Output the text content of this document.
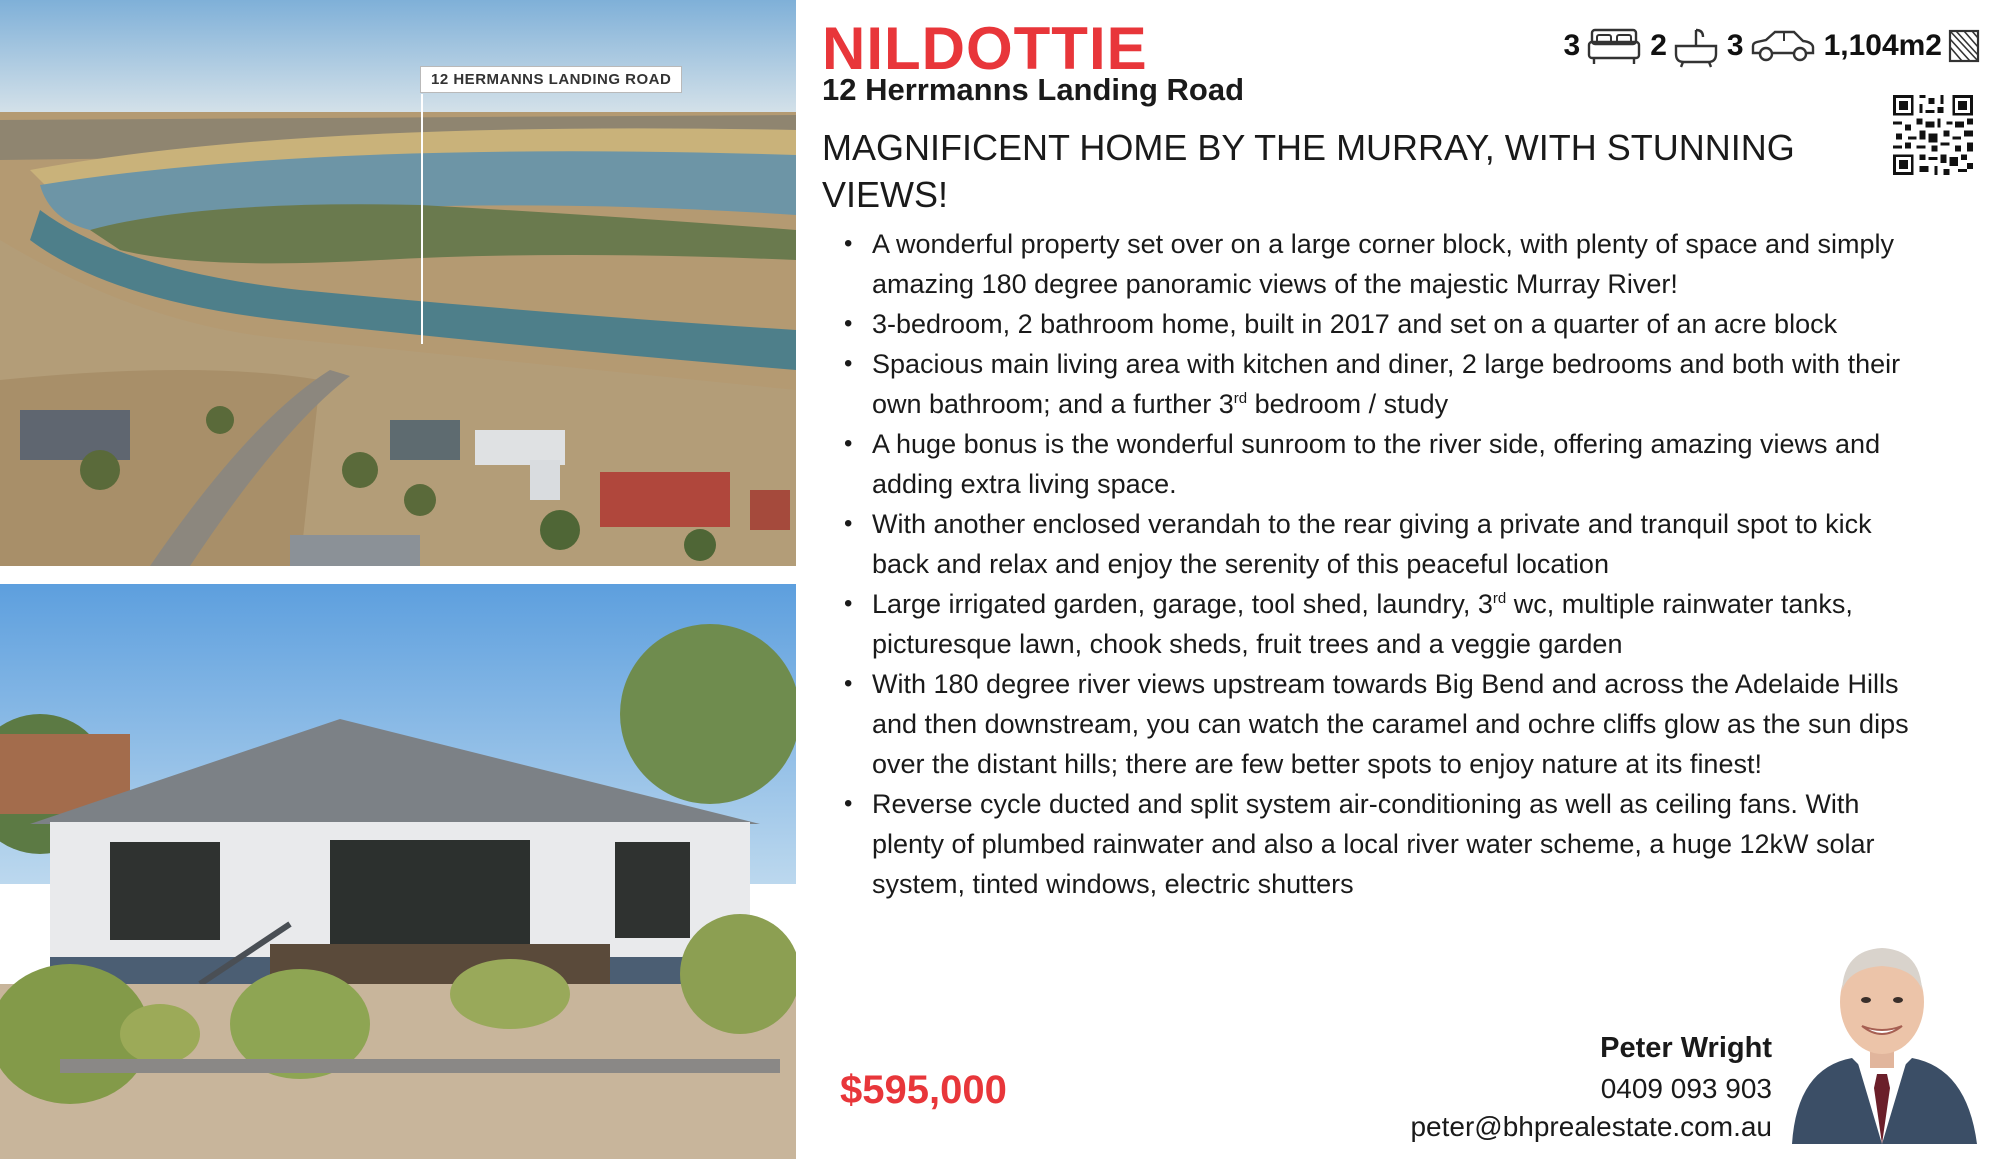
12 HERMANNS LANDING ROAD	NILDOTTIE
12 Herrmanns Landing Road
3 2 3	1,104m2
MAGNIFICENT HOME BY THE MURRAY, WITH STUNNING VIEWS!
• A wonderful property set over on a large corner block, with plenty of space and simply amazing 180 degree panoramic views of the majestic Murray River!
• 3-bedroom, 2 bathroom home, built in 2017 and set on a quarter of an acre block
• Spacious main living area with kitchen and diner, 2 large bedrooms and both with their own bathroom; and a further 3rd bedroom / study
• A huge bonus is the wonderful sunroom to the river side, offering amazing views and adding extra living space.
• With another enclosed verandah to the rear giving a private and tranquil spot to kick back and relax and enjoy the serenity of this peaceful location
• Large irrigated garden, garage, tool shed, laundry, 3rd wc, multiple rainwater tanks, picturesque lawn, chook sheds, fruit trees and a veggie garden
• With 180 degree river views upstream towards Big Bend and across the Adelaide Hills and then downstream, you can watch the caramel and ochre cliffs glow as the sun dips over the distant hills; there are few better spots to enjoy nature at its finest!
• Reverse cycle ducted and split system air-conditioning as well as ceiling fans. With plenty of plumbed rainwater and also a local river water scheme, a huge 12kW solar system, tinted windows, electric shutters
$595,000
Peter Wright
0409 093 903
peter@bhprealestate.com.au
